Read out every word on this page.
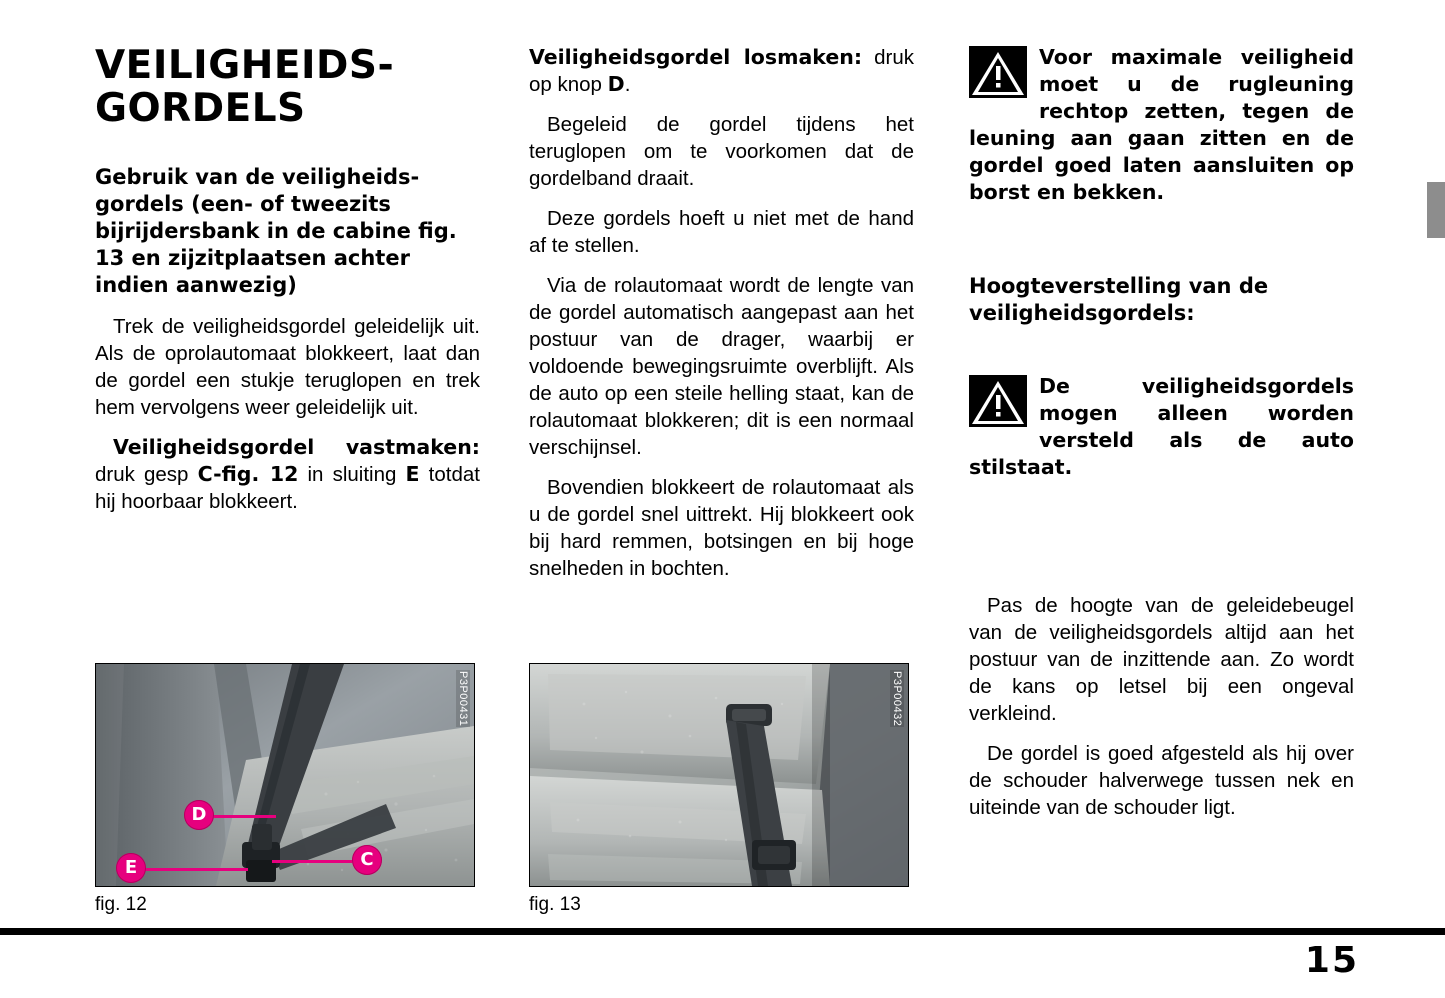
VEILIGHEIDS-
GORDELS
Gebruik van de veiligheids-gordels (een- of tweezits bijrijdersbank in de cabine fig. 13 en zijzitplaatsen achter indien aanwezig)

Trek de veiligheidsgordel geleidelijk uit. Als de oprolautomaat blokkeert, laat dan de gordel een stukje teruglopen en trek hem vervolgens weer geleidelijk uit.

Veiligheidsgordel vastmaken: druk gesp C-fig. 12 in sluiting E totdat hij hoorbaar blokkeert.

Veiligheidsgordel losmaken: druk op knop D.

Begeleid de gordel tijdens het teruglopen om te voorkomen dat de gordelband draait.

Deze gordels hoeft u niet met de hand af te stellen.

Via de rolautomaat wordt de lengte van de gordel automatisch aangepast aan het postuur van de drager, waarbij er voldoende bewegingsruimte overblijft. Als de auto op een steile helling staat, kan de rolautomaat blokkeren; dit is een normaal verschijnsel.

Bovendien blokkeert de rolautomaat als u de gordel snel uittrekt. Hij blokkeert ook bij hard remmen, botsingen en bij hoge snelheden in bochten.

Voor maximale veiligheid moet u de rugleuning rechtop zetten, tegen de leuning aan gaan zitten en de gordel goed laten aansluiten op borst en bekken.

Hoogteverstelling van de veiligheidsgordels:

De veiligheidsgordels mogen alleen worden versteld als de auto stilstaat.

Pas de hoogte van de geleidebeugel van de veiligheidsgordels altijd aan het postuur van de inzittende aan. Zo wordt de kans op letsel bij een ongeval verkleind.

De gordel is goed afgesteld als hij over de schouder halverwege tussen nek en uiteinde van de schouder ligt.

P3P00431
D
C
E
fig. 12
P3P00432
fig. 13
15
